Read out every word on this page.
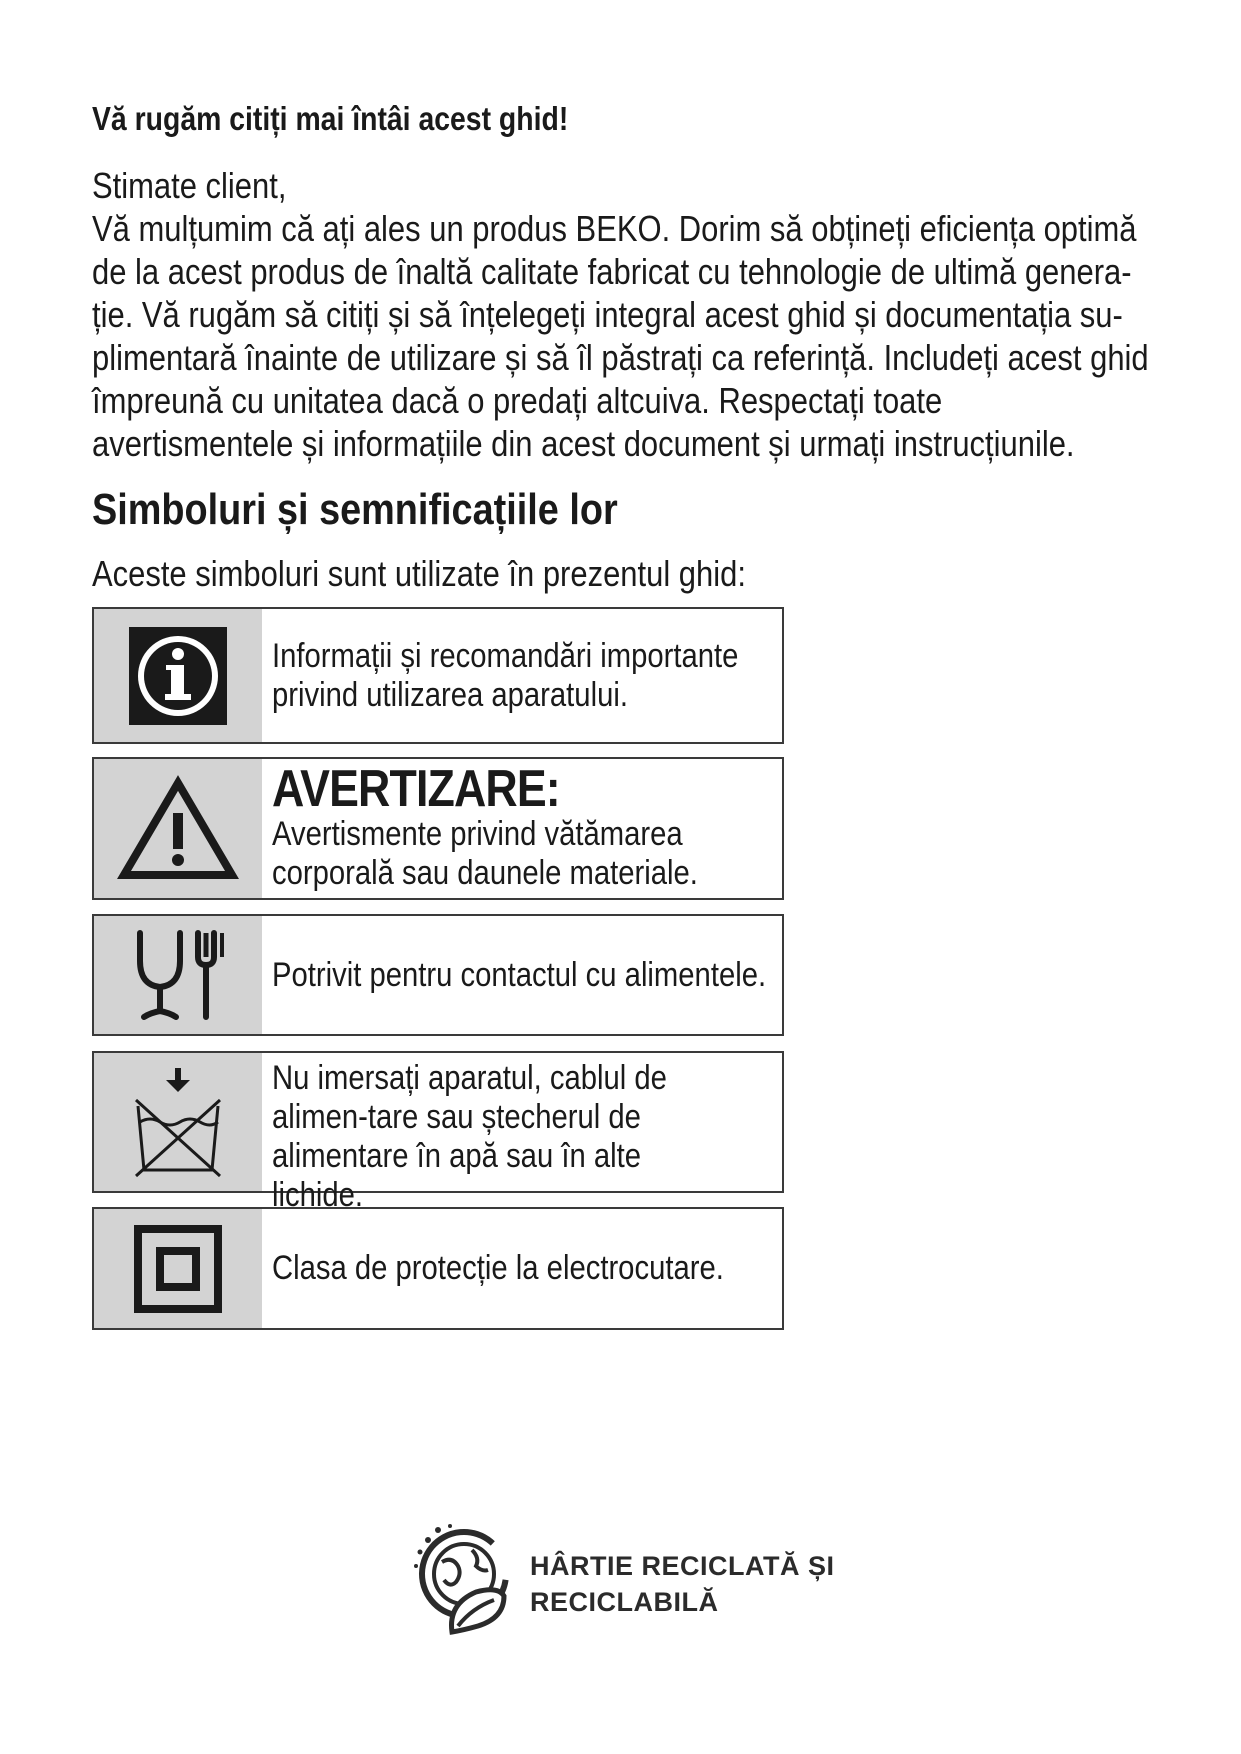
Vă rugăm citiți mai întâi acest ghid!

Stimate client,

Vă mulțumim că ați ales un produs BEKO. Dorim să obțineți eficiența optimă de la acest produs de înaltă calitate fabricat cu tehnologie de ultimă genera-ție. Vă rugăm să citiți și să înțelegeți integral acest ghid și documentația su-plimentară înainte de utilizare și să îl păstrați ca referință. Includeți acest ghid împreună cu unitatea dacă o predați altcuiva. Respectați toate avertismentele și informațiile din acest document și urmați instrucțiunile.

Simboluri și semnificațiile lor

Aceste simboluri sunt utilizate în prezentul ghid:

Informații și recomandări importante privind utilizarea aparatului.
AVERTIZARE: Avertismente privind vătămarea corporală sau daunele materiale.
Potrivit pentru contactul cu alimentele.
Nu imersați aparatul, cablul de alimen-tare sau ștecherul de alimentare în apă sau în alte lichide.
Clasa de protecție la electrocutare.
HÂRTIE RECICLATĂ ȘI
RECICLABILĂ
